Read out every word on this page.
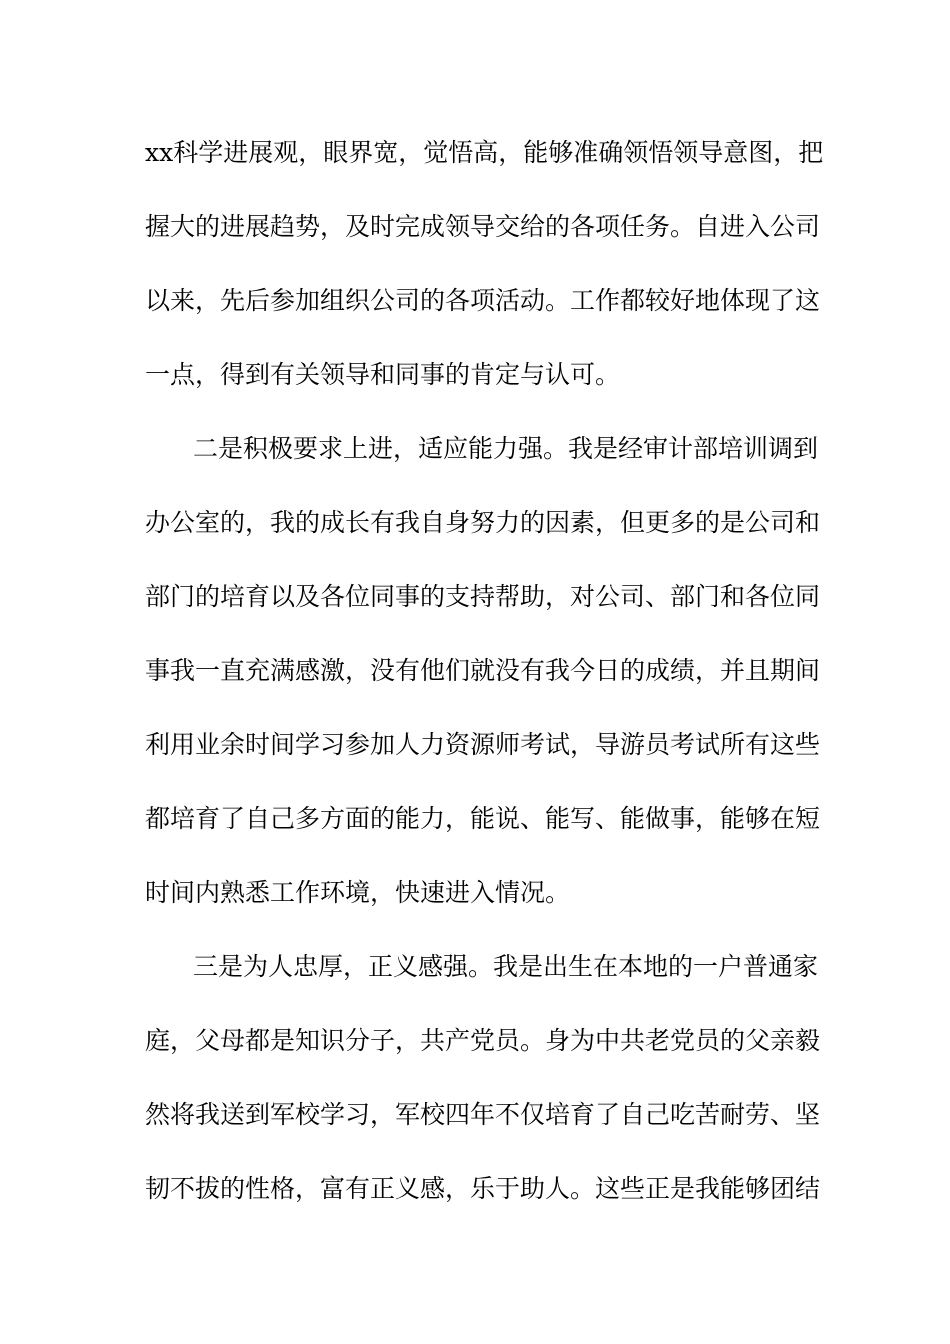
xx科学进展观，眼界宽，觉悟高，能够准确领悟领导意图，把
握大的进展趋势，及时完成领导交给的各项任务。自进入公司
以来，先后参加组织公司的各项活动。工作都较好地体现了这
一点，得到有关领导和同事的肯定与认可。
二是积极要求上进，适应能力强。我是经审计部培训调到
办公室的，我的成长有我自身努力的因素，但更多的是公司和
部门的培育以及各位同事的支持帮助，对公司、部门和各位同
事我一直充满感激，没有他们就没有我今日的成绩，并且期间
利用业余时间学习参加人力资源师考试，导游员考试所有这些
都培育了自己多方面的能力，能说、能写、能做事，能够在短
时间内熟悉工作环境，快速进入情况。
三是为人忠厚，正义感强。我是出生在本地的一户普通家
庭，父母都是知识分子，共产党员。身为中共老党员的父亲毅
然将我送到军校学习，军校四年不仅培育了自己吃苦耐劳、坚
韧不拔的性格，富有正义感，乐于助人。这些正是我能够团结
